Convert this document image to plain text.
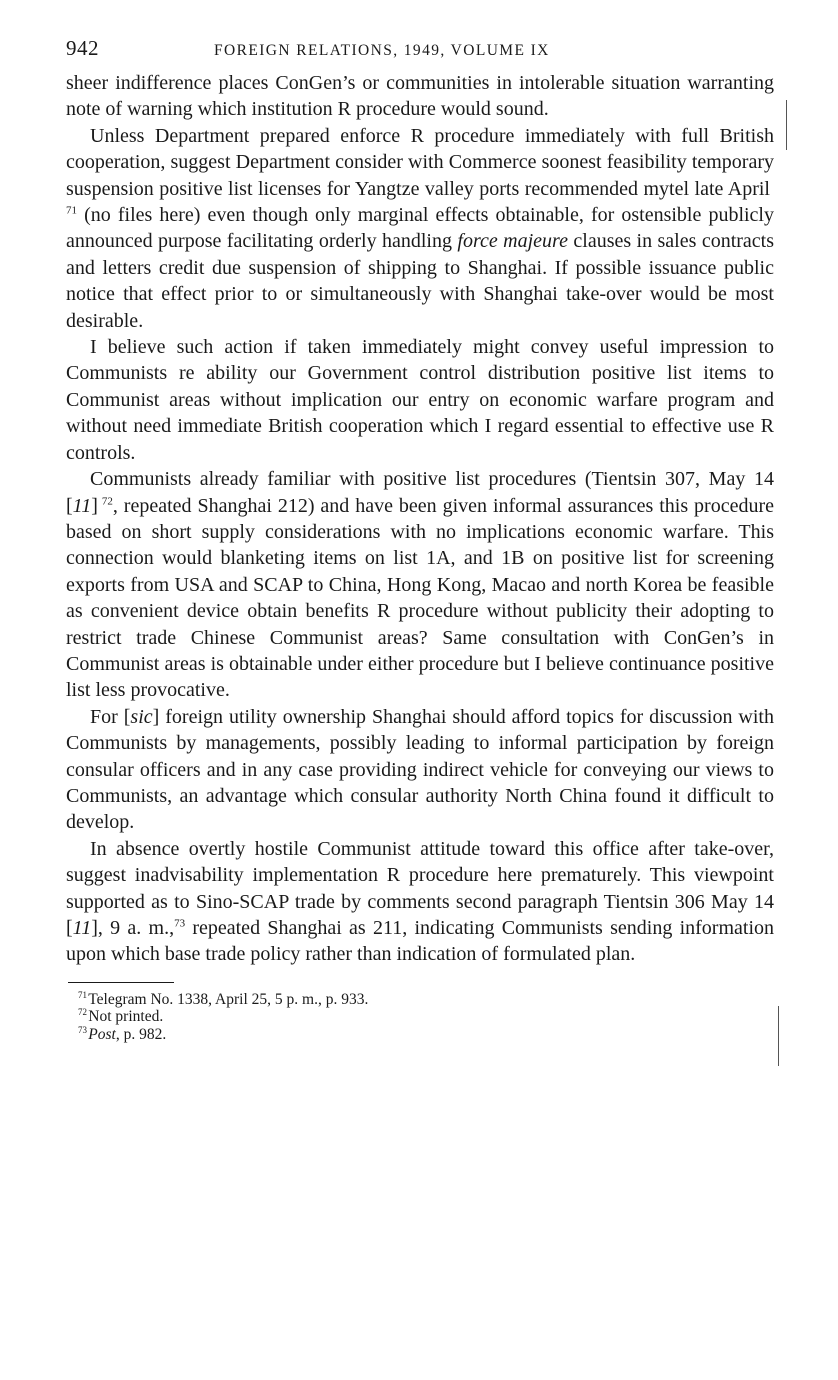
942	FOREIGN RELATIONS, 1949, VOLUME IX

sheer indifference places ConGen’s or communities in intolerable situation warranting note of warning which institution R procedure would sound.

Unless Department prepared enforce R procedure immediately with full British cooperation, suggest Department consider with Commerce soonest feasibility temporary suspension positive list licenses for Yangtze valley ports recommended mytel late April $^{71}$ (no files here) even though only marginal effects obtainable, for ostensible publicly announced purpose facilitating orderly handling force majeure clauses in sales contracts and letters credit due suspension of shipping to Shanghai. If possible issuance public notice that effect prior to or simultaneously with Shanghai take-over would be most desirable.

I believe such action if taken immediately might convey useful impression to Communists re ability our Government control distribution positive list items to Communist areas without implication our entry on economic warfare program and without need immediate British cooperation which I regard essential to effective use R controls.

Communists already familiar with positive list procedures (Tientsin 307, May 14 [11]  $^{72}$, repeated Shanghai 212) and have been given informal assurances this procedure based on short supply considerations with no implications economic warfare. This connection would blanketing items on list 1A, and 1B on positive list for screening exports from USA and SCAP to China, Hong Kong, Macao and north Korea be feasible as convenient device obtain benefits R procedure without publicity their adopting to restrict trade Chinese Communist areas? Same consultation with ConGen’s in Communist areas is obtainable under either procedure but I believe continuance positive list less provocative.

For [sic] foreign utility ownership Shanghai should afford topics for discussion with Communists by managements, possibly leading to informal participation by foreign consular officers and in any case providing indirect vehicle for conveying our views to Communists, an advantage which consular authority North China found it difficult to develop.

In absence overtly hostile Communist attitude toward this office after take-over, suggest inadvisability implementation R procedure here prematurely. This viewpoint supported as to Sino-SCAP trade by comments second paragraph Tientsin 306 May 14 [11], 9 a. m.,$^{73}$ repeated Shanghai as 211, indicating Communists sending information upon which base trade policy rather than indication of formulated plan.

$^{71}$ Telegram No. 1338, April 25, 5 p. m., p. 933.
$^{72}$ Not printed.
$^{73}$ Post, p. 982.
